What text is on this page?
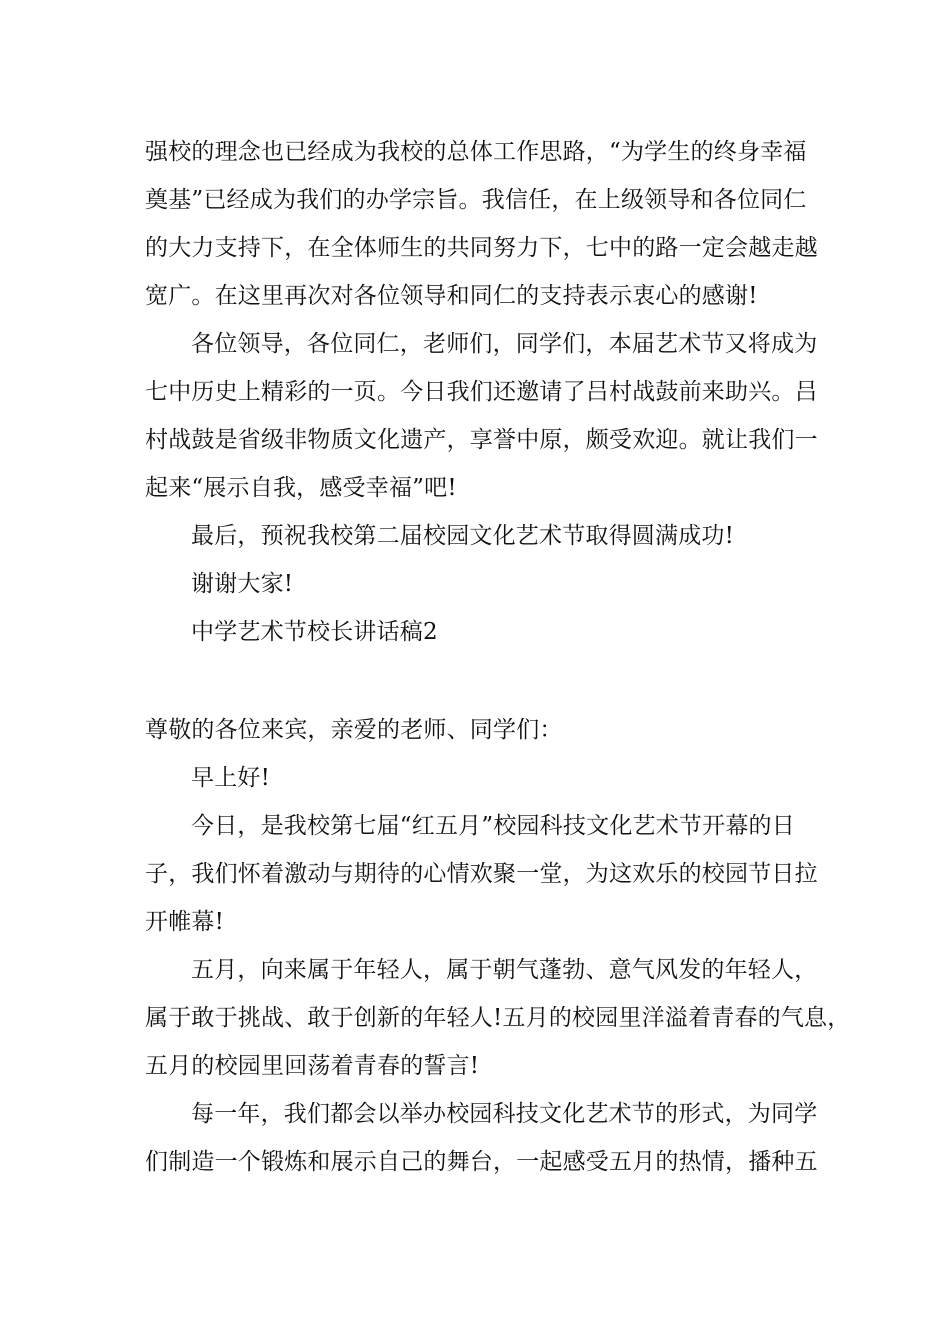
强校的理念也已经成为我校的总体工作思路，“为学生的终身幸福
奠基”已经成为我们的办学宗旨。我信任，在上级领导和各位同仁
的大力支持下，在全体师生的共同努力下，七中的路一定会越走越
宽广。在这里再次对各位领导和同仁的支持表示衷心的感谢!
各位领导，各位同仁，老师们，同学们，本届艺术节又将成为
七中历史上精彩的一页。今日我们还邀请了吕村战鼓前来助兴。吕
村战鼓是省级非物质文化遗产，享誉中原，颇受欢迎。就让我们一
起来“展示自我，感受幸福”吧!
最后，预祝我校第二届校园文化艺术节取得圆满成功!
谢谢大家!
中学艺术节校长讲话稿2
尊敬的各位来宾，亲爱的老师、同学们：
早上好!
今日，是我校第七届“红五月”校园科技文化艺术节开幕的日
子，我们怀着激动与期待的心情欢聚一堂，为这欢乐的校园节日拉
开帷幕!
五月，向来属于年轻人，属于朝气蓬勃、意气风发的年轻人，
属于敢于挑战、敢于创新的年轻人!五月的校园里洋溢着青春的气息，
五月的校园里回荡着青春的誓言!
每一年，我们都会以举办校园科技文化艺术节的形式，为同学
们制造一个锻炼和展示自己的舞台，一起感受五月的热情，播种五
